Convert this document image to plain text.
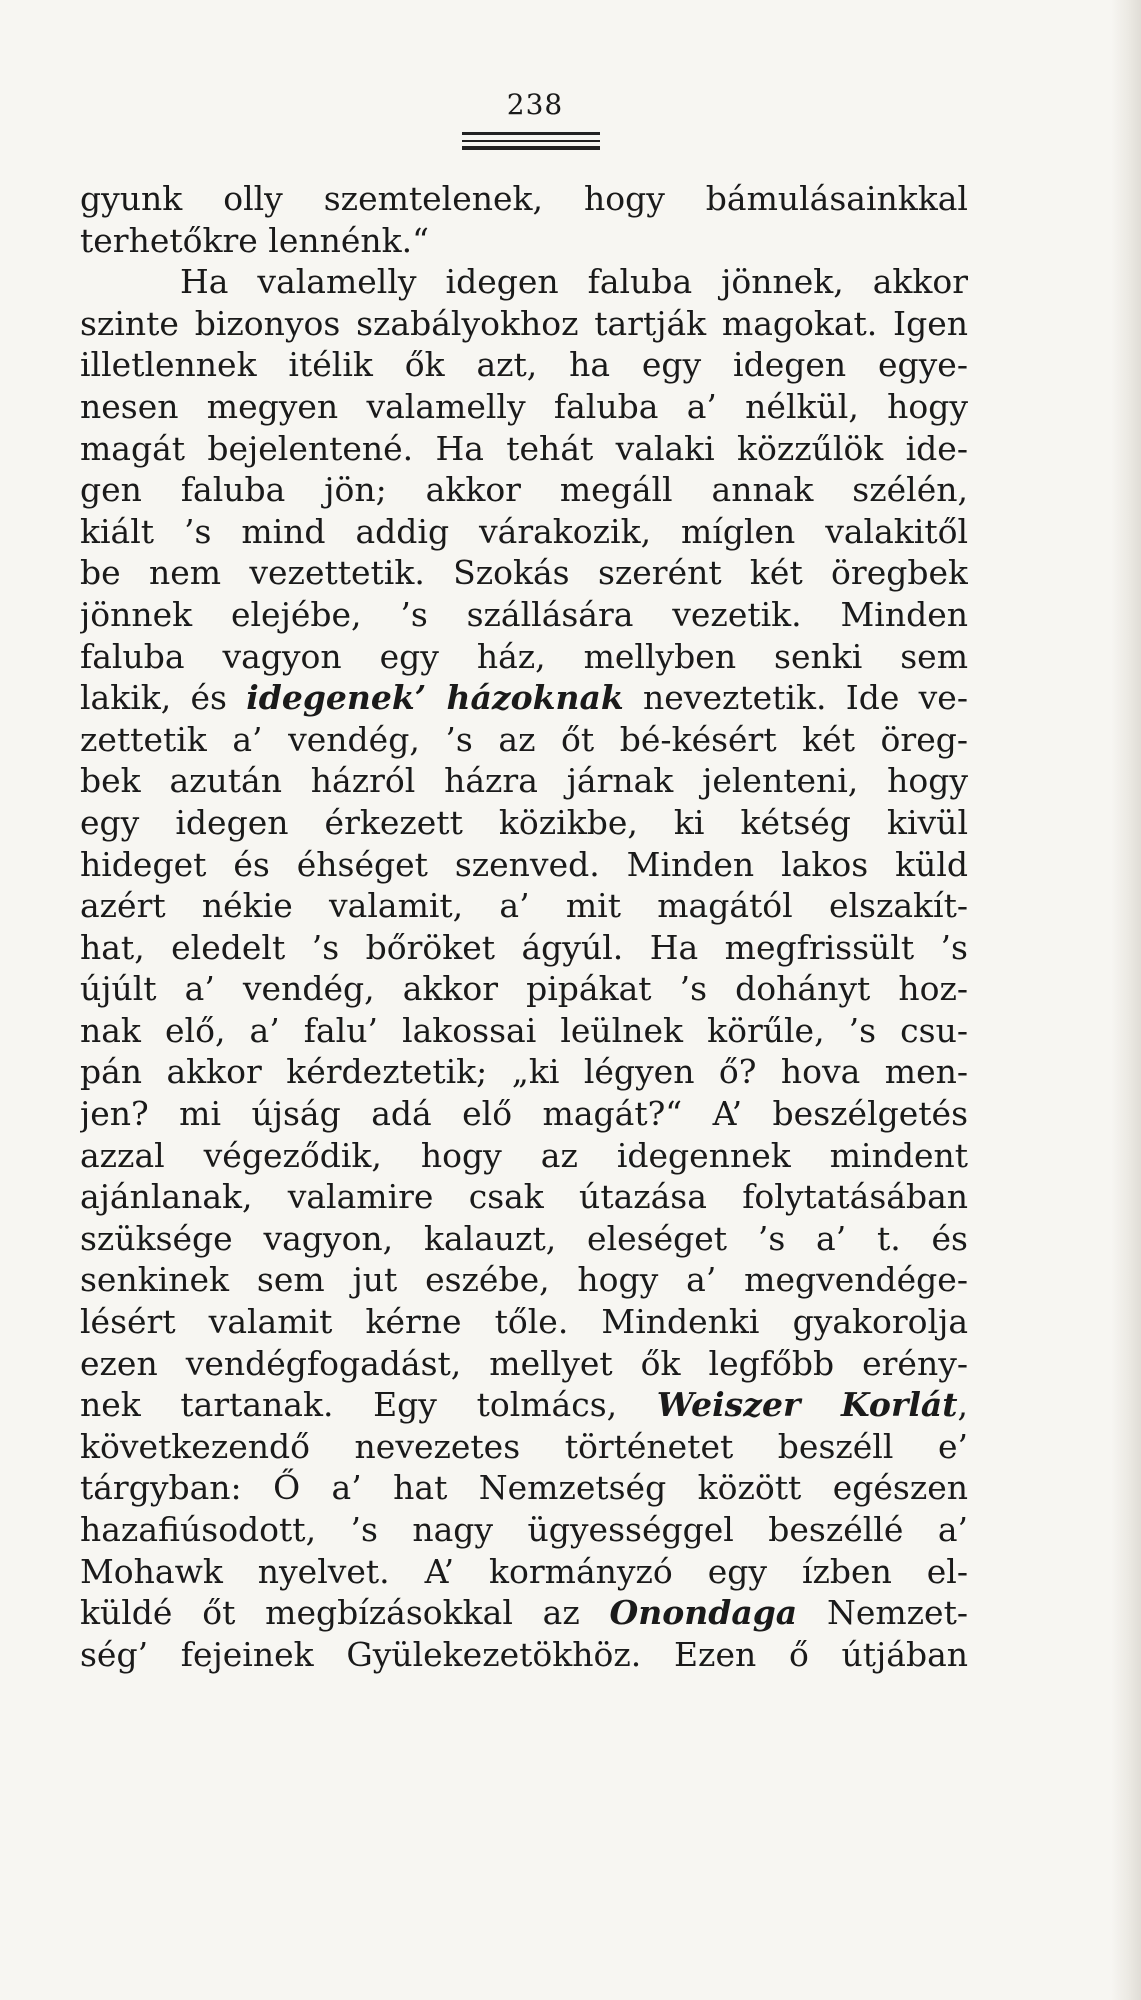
238
gyunk olly szemtelenek, hogy bámulásainkkal
terhetőkre lennénk.“
Ha valamelly idegen faluba jönnek, akkor
szinte bizonyos szabályokhoz tartják magokat. Igen
illetlennek itélik ők azt, ha egy idegen egye-
nesen megyen valamelly faluba a’ nélkül, hogy
magát bejelentené. Ha tehát valaki közzűlök ide-
gen faluba jön; akkor megáll annak szélén,
kiált ’s mind addig várakozik, míglen valakitől
be nem vezettetik. Szokás szerént két öregbek
jönnek elejébe, ’s szállására vezetik. Minden
faluba vagyon egy ház, mellyben senki sem
lakik, és idegenek’ házoknak neveztetik. Ide ve-
zettetik a’ vendég, ’s az őt bé-késért két öreg-
bek azután házról házra járnak jelenteni, hogy
egy idegen érkezett közikbe, ki kétség kivül
hideget és éhséget szenved. Minden lakos küld
azért nékie valamit, a’ mit magától elszakít-
hat, eledelt ’s bőröket ágyúl. Ha megfrissült ’s
újúlt a’ vendég, akkor pipákat ’s dohányt hoz-
nak elő, a’ falu’ lakossai leülnek körűle, ’s csu-
pán akkor kérdeztetik; „ki légyen ő? hova men-
jen? mi újság adá elő magát?“ A’ beszélgetés
azzal végeződik, hogy az idegennek mindent
ajánlanak, valamire csak útazása folytatásában
szüksége vagyon, kalauzt, eleséget ’s a’ t. és
senkinek sem jut eszébe, hogy a’ megvendége-
lésért valamit kérne tőle. Mindenki gyakorolja
ezen vendégfogadást, mellyet ők legfőbb erény-
nek tartanak. Egy tolmács, Weiszer Korlát,
következendő nevezetes történetet beszéll e’
tárgyban: Ő a’ hat Nemzetség között egészen
hazafiúsodott, ’s nagy ügyességgel beszéllé a’
Mohawk nyelvet. A’ kormányzó egy ízben el-
küldé őt megbízásokkal az Onondaga Nemzet-
ség’ fejeinek Gyülekezetökhöz. Ezen ő útjában
